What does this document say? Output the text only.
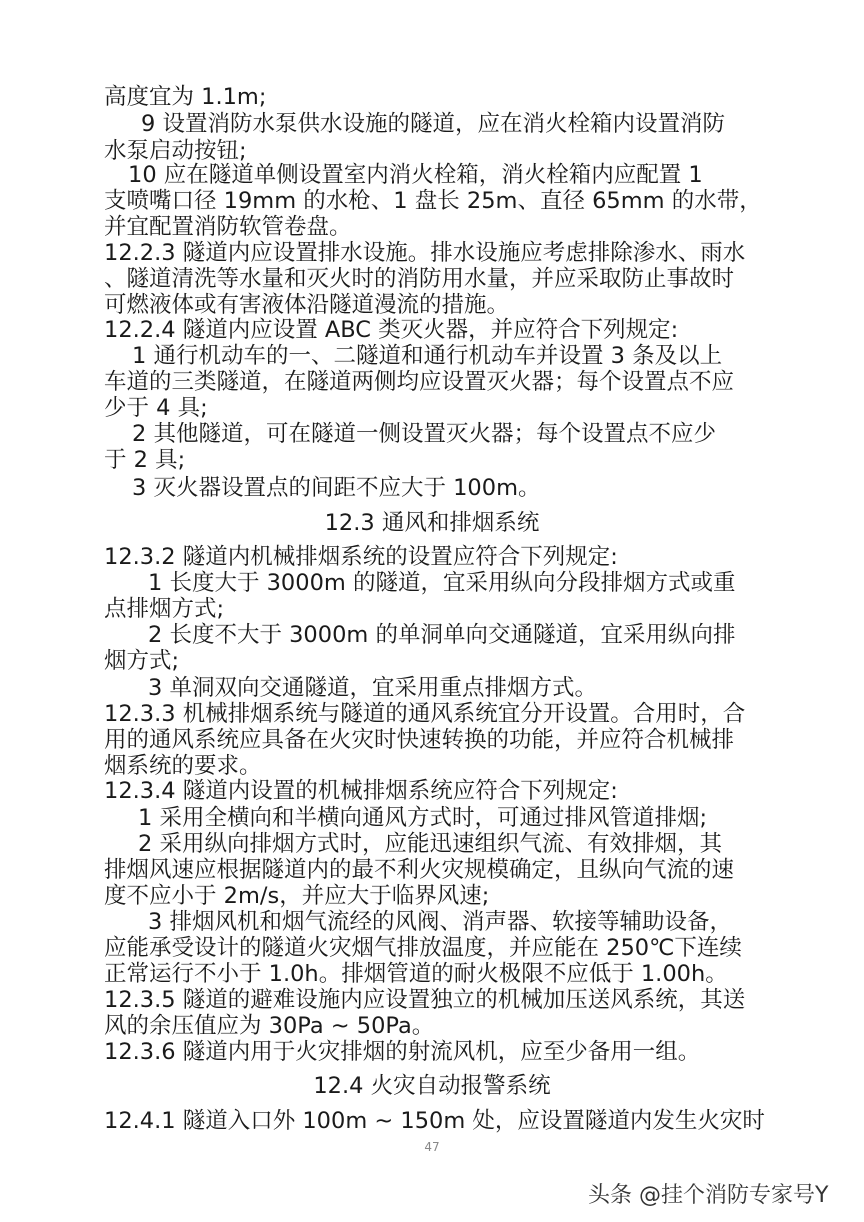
高度宜为 1.1m;
9 设置消防水泵供水设施的隧道，应在消火栓箱内设置消防
水泵启动按钮;
10 应在隧道单侧设置室内消火栓箱，消火栓箱内应配置 1
支喷嘴口径 19mm 的水枪、1 盘长 25m、直径 65mm 的水带，
并宜配置消防软管卷盘。
12.2.3 隧道内应设置排水设施。排水设施应考虑排除渗水、雨水
、隧道清洗等水量和灭火时的消防用水量，并应采取防止事故时
可燃液体或有害液体沿隧道漫流的措施。
12.2.4 隧道内应设置 ABC 类灭火器，并应符合下列规定:
1 通行机动车的一、二隧道和通行机动车并设置 3 条及以上
车道的三类隧道，在隧道两侧均应设置灭火器；每个设置点不应
少于 4 具;
2 其他隧道，可在隧道一侧设置灭火器；每个设置点不应少
于 2 具;
3 灭火器设置点的间距不应大于 100m。
12.3 通风和排烟系统
12.3.2 隧道内机械排烟系统的设置应符合下列规定:
1 长度大于 3000m 的隧道，宜采用纵向分段排烟方式或重
点排烟方式;
2 长度不大于 3000m 的单洞单向交通隧道，宜采用纵向排
烟方式;
3 单洞双向交通隧道，宜采用重点排烟方式。
12.3.3 机械排烟系统与隧道的通风系统宜分开设置。合用时，合
用的通风系统应具备在火灾时快速转换的功能，并应符合机械排
烟系统的要求。
12.3.4 隧道内设置的机械排烟系统应符合下列规定:
1 采用全横向和半横向通风方式时，可通过排风管道排烟;
2 采用纵向排烟方式时，应能迅速组织气流、有效排烟，其
排烟风速应根据隧道内的最不利火灾规模确定，且纵向气流的速
度不应小于 2m/s，并应大于临界风速;
3 排烟风机和烟气流经的风阀、消声器、软接等辅助设备，
应能承受设计的隧道火灾烟气排放温度，并应能在 250℃下连续
正常运行不小于 1.0h。排烟管道的耐火极限不应低于 1.00h。
12.3.5 隧道的避难设施内应设置独立的机械加压送风系统，其送
风的余压值应为 30Pa ~ 50Pa。
12.3.6 隧道内用于火灾排烟的射流风机，应至少备用一组。
12.4 火灾自动报警系统
12.4.1 隧道入口外 100m ~ 150m 处，应设置隧道内发生火灾时
47
头条 @挂个消防专家号Y
